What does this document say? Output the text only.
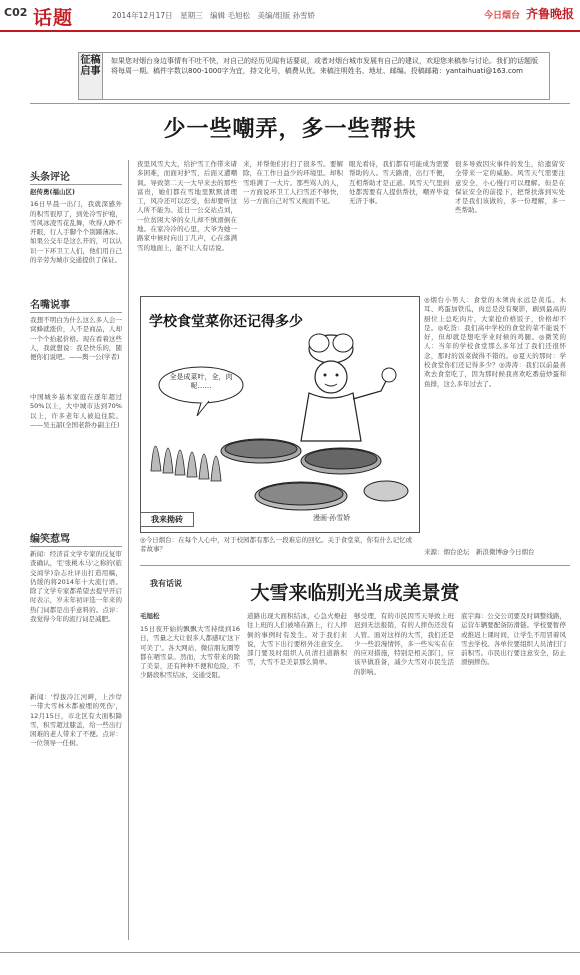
C02 话题	2014年12月17日　星期三　编辑 毛旭松　美编/组版 孙雪娇	今日烟台 齐鲁晚报
征稿启事
如果您对烟台身边事情有不吐不快，对自己的经历见闻有话要说，或者对烟台城市发展有自己的建议，欢迎您来稿参与讨论。我们的话题版将每周一期。稿件字数以800-1000字为宜，持文化号，稿费从优。来稿注明姓名、地址、邮编。投稿邮箱：yantaihuati@163.com
少一些嘲弄，多一些帮扶
头条评论
赵传勇(福山区)
16日早晨一出门，我就深感外的积雪很厚了，到处冷雪护袍，雪风冰凌雪花乱舞，吹得人睁不开眼，行人手脚个个别蹑薄冰。如果公交车是这么开的，可以认识一下环卫工人们，他们用自己的辛劳为城市交通提供了保证。
名嘴说事
我想不明白为什么这么多人会一窝蜂就涨价，人不是商品，人却一个个抬起价格。现在看着这些人，我就想说：我是快乐的，随便你们说吧。——舆一公(学者)
中国城乡基本家庭在逐年超过50%以上，大中城市达到70%以上，许多老年人被迫住院。——吴玉韶(全国老龄办副主任)
编笑惹骂
新闻：经济首文学专家的反复审查确认，宅'张桃木马'之称的(旅交商学)杂志社评出打造用稿，仍缓的将2014年十大流行语。除了文学专家都希望去提早开启时表示，岁末年初评选一年来的热门词都是出乎意料的。点评：我觉得今年的流行词是减肥。
新闻：'悍拔冷江河畔，上沙岸一带大雪林木都被埋的死伤'，12月15日，市北区有大面积降雪，积雪超过膝盖，给一些出行困难的老人带来了不便。点评：一位领导一任树。
夜里风雪大大，给护雪工作带来诸多困难，而面对护雪，后面又遭嘲讽。导致第二天一大早来去的那些富贵，她们都在雪地里默默清理工，风冷还可以忍受，但却要听这人所不能为。近日一公交站点刘，一位贫困大爷的女儿却不慎滑倒在地。在家冷冷的心里，大爷为她一路家中候时向出丁几声，心在落满雪的地面上，能不让人有话说。
来，并帮他们打扫了很多雪。要解除，在工作日益少的环境里。却积雪堆满了一大片。那些骂人的人，一方面说环卫工人扫雪还不够快，另一方面自己对雪又视而不见。
眼光看待，我们都有可能成为需要帮助的人。雪天路滑，出行不便，互相帮助才是正道。风雪天气里到处都需要有人提供帮扶，嘲弄毕竟无济于事。
很多导致因灾事件的发生，给遗留安全带来一定的威胁。风雪天气需要注意安全，小心慢行可以理解。但是在保证安全的前提下，把帮扶落到实处才是我们该做的，多一份理解，多一些帮助。
学校食堂菜你还记得多少
全是成菜叶，全，肉呢……
漫画·孙雪娇
我来拗砖
◎今日烟台：在每个人心中，对于校园都有那么一段难忘的回忆。关于食堂菜，你有什么记忆或者故事？
◎烟台小男人：食堂的木须肉永远是黄瓜、木耳、鸡蛋加铁瓜，肉总是没有聚影，刷到最高的厨位上总吃肉片，大家抢价格饭子，价格却不是。◎吃货：我们高中学校的食堂的菜不能说不好，但却就是想吃学业时候的鸡腿。◎微笑的人：当年的学校食堂那么多年过了我们还很怀念，那时的饭菜做得不错的。◎夏天的那时：学校食堂你们还记得多少？◎涛涛：我们以前最喜欢去食堂吃了，因为那时候我喜欢吃番茄炒蛋和鱼排，这么多年过去了。
来源：烟台论坛　新浪微博@今日烟台
我有话说	大雪来临别光当成美景赏
毛旭松
15日夜开始的飘飘大雪持续到16日，雪量之大让很多人都感叹'这下可美了'。各大网站、微信朋友圈等都在晒雪景。然而，大雪带来的除了美景，还有种种不便和危险，不少路段积雪结冰，交通受阻。
道路出现大面积结冰，心急火燎赶往上班的人们被堵在路上，行人摔倒的事例时有发生。对于我们来说，大雪下出行要格外注意安全。部门要及时组织人员清扫道路积雪，大雪不是美景那么简单。
够受理，有的市民因雪天导致上班迟到无法报销，有的人摔伤还没有人管。面对这样的大雪，我们还是少一些浪漫情怀，多一些实实在在的应对措施，特别是相关部门，应该早做准备，减少大雪对市民生活的影响。
底宇海：公交公司要及时调整线路，运营车辆要配备防滑链。学校要暂停或推迟上课时间，让学生不用冒着风雪去学校。各单位要组织人员清扫门前积雪。市民出行要注意安全，防止滑倒摔伤。
